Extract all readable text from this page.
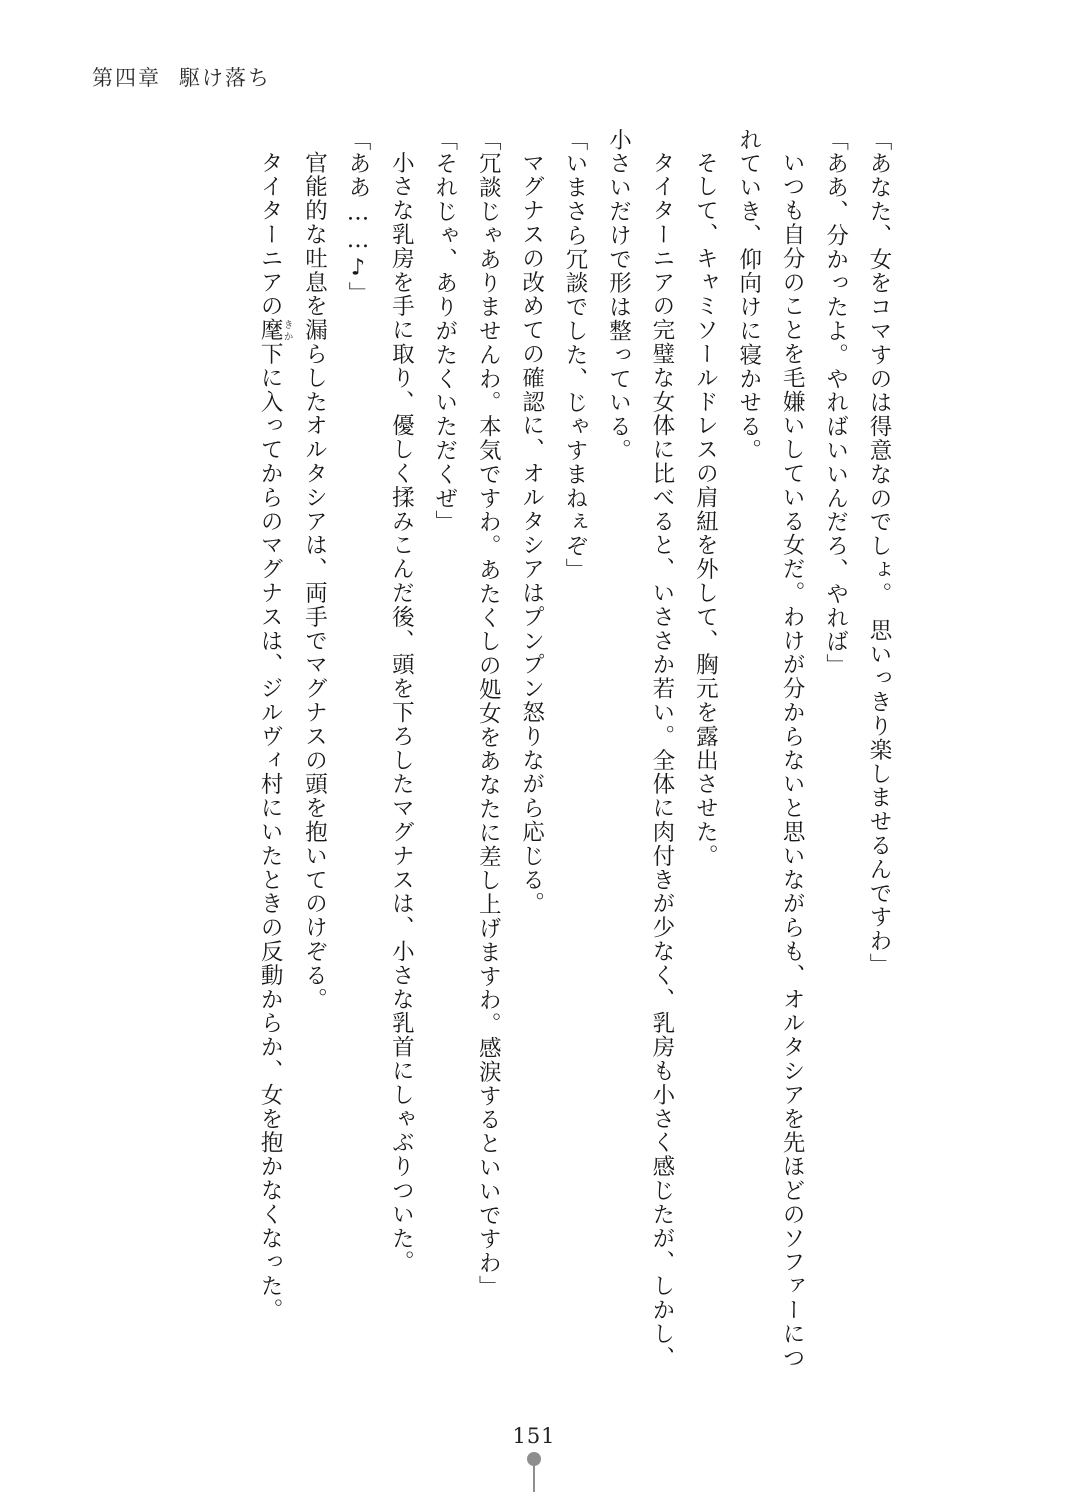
第四章 駆け落ち

「あなた、女をコマすのは得意なのでしょ。　思いっきり楽しませるんですわ」

「ああ、分かったよ。やればいいんだろ、やれば」

いつも自分のことを毛嫌いしている女だ。わけが分からないと思いながらも、オルタシアを先ほどのソファーにつれていき、仰向けに寝かせる。

そして、キャミソールドレスの肩紐を外して、胸元を露出させた。

タイターニアの完璧な女体に比べると、いささか若い。全体に肉付きが少なく、乳房も小さく感じたが、しかし、小さいだけで形は整っている。

「いまさら冗談でした、じゃすまねぇぞ」

マグナスの改めての確認に、オルタシアはプンプン怒りながら応じる。

「冗談じゃありませんわ。本気ですわ。あたくしの処女をあなたに差し上げますわ。感涙するといいですわ」

「それじゃ、ありがたくいただくぜ」

小さな乳房を手に取り、優しく揉みこんだ後、頭を下ろしたマグナスは、小さな乳首にしゃぶりついた。

「ああ……♪」

官能的な吐息を漏らしたオルタシアは、両手でマグナスの頭を抱いてのけぞる。

タイターニアの麾きか下に入ってからのマグナスは、ジルヴィ村にいたときの反動からか、女を抱かなくなった。

151
